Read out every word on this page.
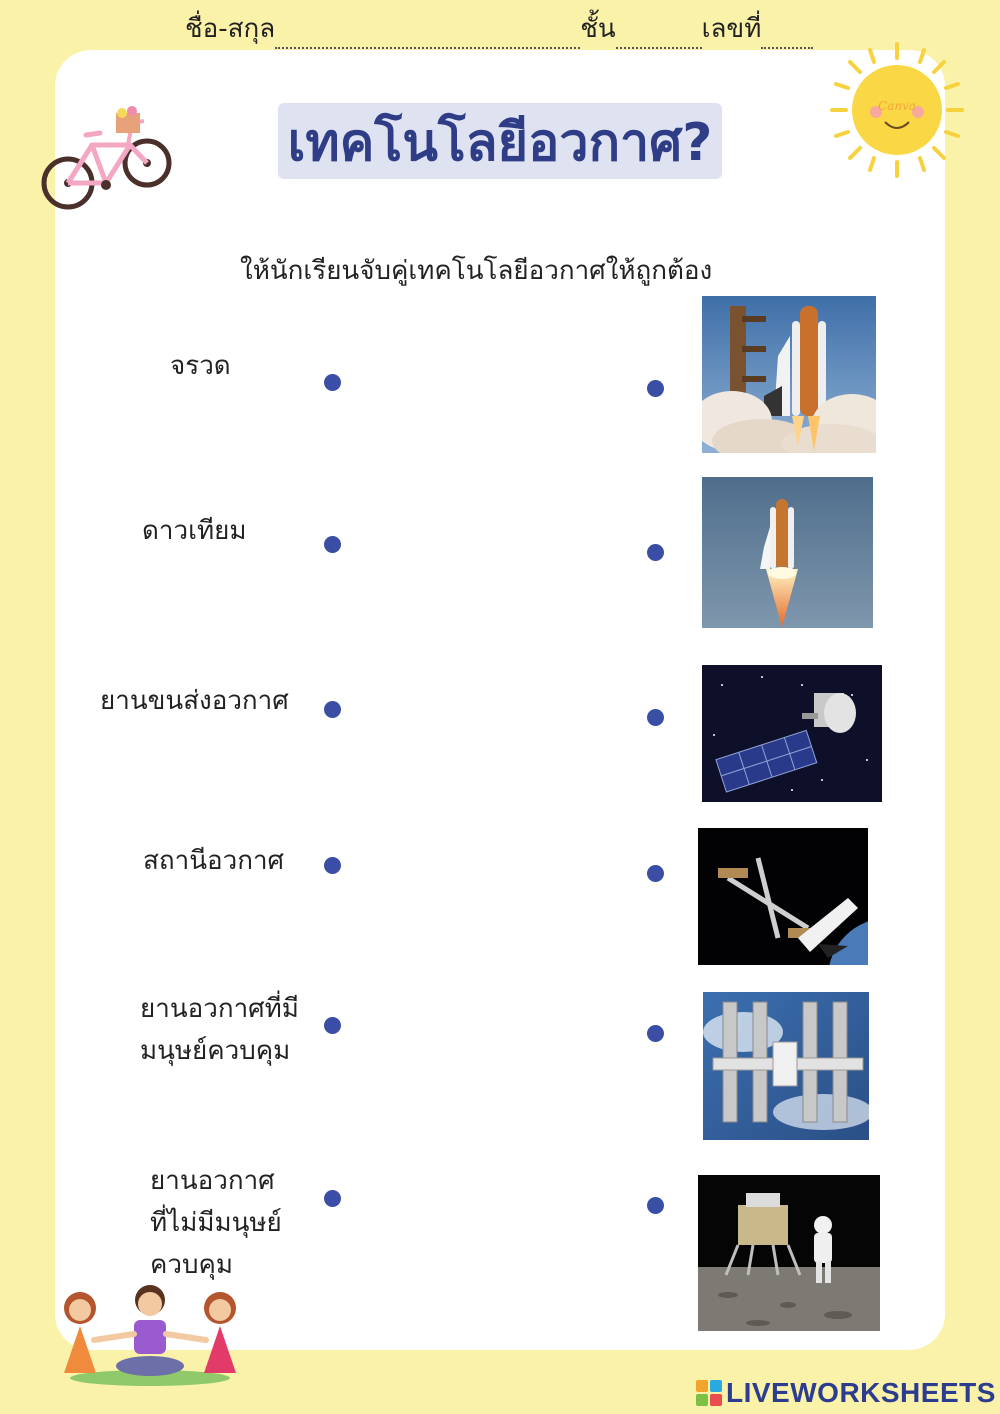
ชื่อ-สกุล	ชั้น	เลขที่
Canva
เทคโนโลยีอวกาศ?
ให้นักเรียนจับคู่เทคโนโลยีอวกาศให้ถูกต้อง
จรวด
ดาวเทียม
ยานขนส่งอวกาศ
สถานีอวกาศ
ยานอวกาศที่มี
มนุษย์ควบคุม
ยานอวกาศ
ที่ไม่มีมนุษย์
ควบคุม
LIVEWORKSHEETS
